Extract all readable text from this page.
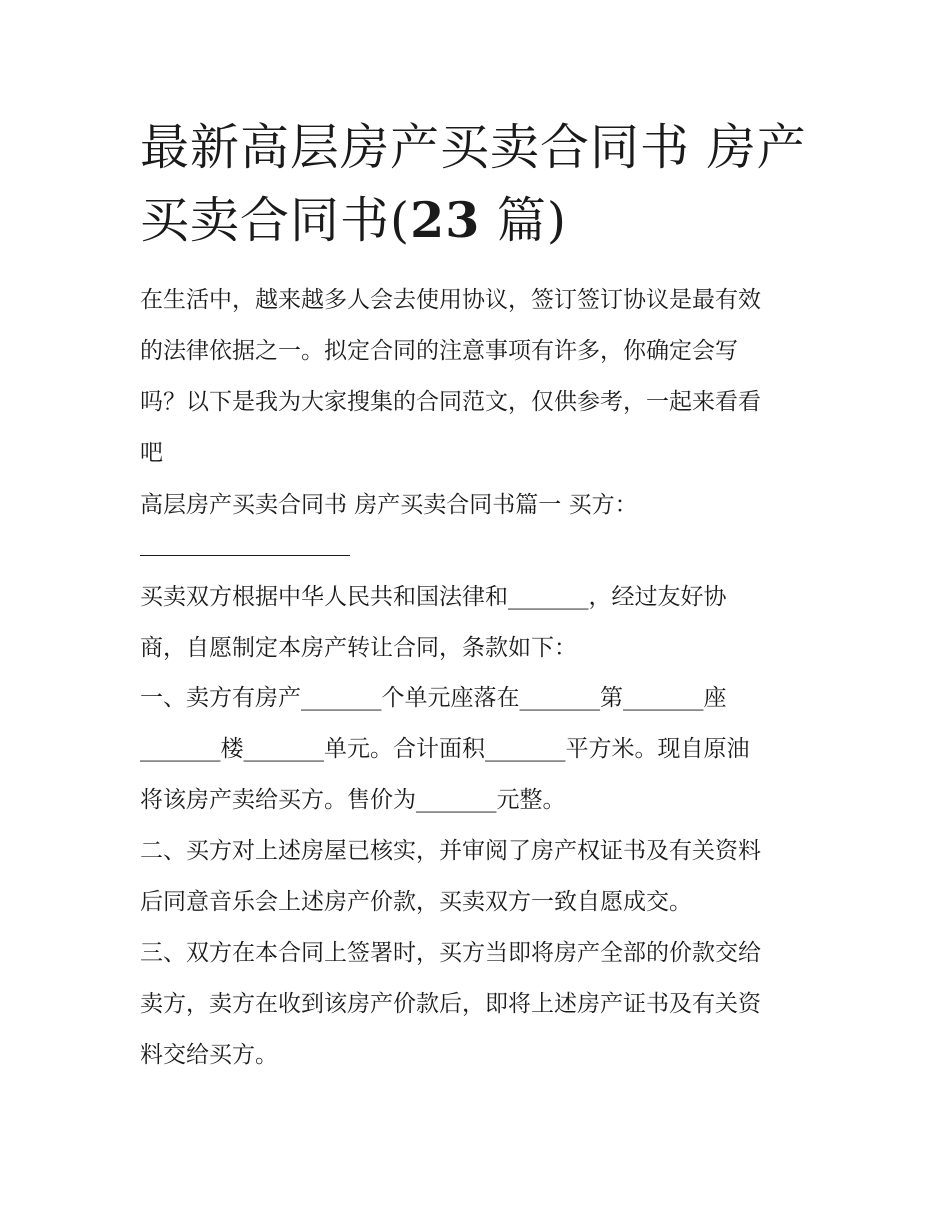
最新高层房产买卖合同书 房产
买卖合同书(23 篇)

在生活中，越来越多人会去使用协议，签订签订协议是最有效

的法律依据之一。拟定合同的注意事项有许多，你确定会写

吗？以下是我为大家搜集的合同范文，仅供参考，一起来看看

吧

高层房产买卖合同书 房产买卖合同书篇一 买方：

买卖双方根据中华人民共和国法律和_______，经过友好协

商，自愿制定本房产转让合同，条款如下：

一、卖方有房产_______个单元座落在_______第_______座

_______楼_______单元。合计面积_______平方米。现自原油

将该房产卖给买方。售价为_______元整。

二、买方对上述房屋已核实，并审阅了房产权证书及有关资料

后同意音乐会上述房产价款，买卖双方一致自愿成交。

三、双方在本合同上签署时，买方当即将房产全部的价款交给

卖方，卖方在收到该房产价款后，即将上述房产证书及有关资

料交给买方。
